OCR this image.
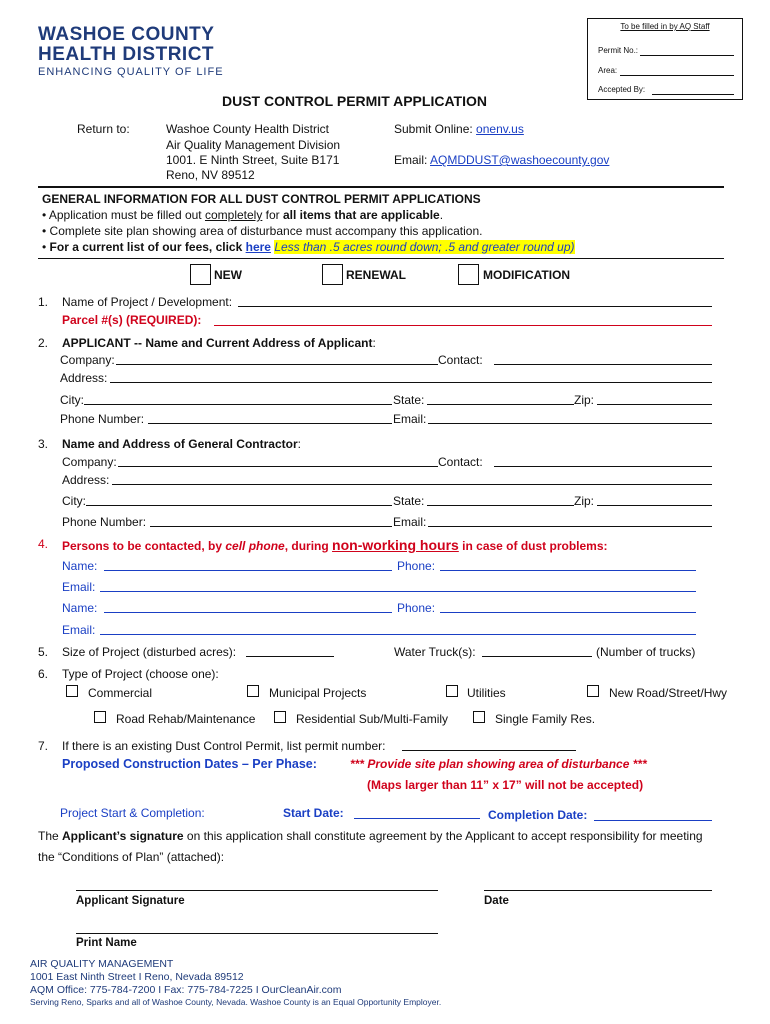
WASHOE COUNTY
HEALTH DISTRICT
ENHANCING QUALITY OF LIFE
To be filled in by AQ Staff
Permit No.:
Area:
Accepted By:
DUST CONTROL PERMIT APPLICATION
Return to:	Washoe County Health District
Air Quality Management Division
1001. E Ninth Street, Suite B171
Reno, NV 89512
Submit Online: onenv.us
Email: AQMDDUST@washoecounty.gov
GENERAL INFORMATION FOR ALL DUST CONTROL PERMIT APPLICATIONS
• Application must be filled out completely for all items that are applicable.
• Complete site plan showing area of disturbance must accompany this application.
• For a current list of our fees, click here Less than .5 acres round down; .5 and greater round up)
NEW	RENEWAL	MODIFICATION
1. Name of Project / Development:
Parcel #(s) (REQUIRED):
2. APPLICANT -- Name and Current Address of Applicant:
Company:	Contact:
Address:
City:	State:	Zip:
Phone Number:	Email:
3. Name and Address of General Contractor:
Company:	Contact:
Address:
City:	State:	Zip:
Phone Number:	Email:
4. Persons to be contacted, by cell phone, during non-working hours in case of dust problems:
Name:	Phone:
Email:
Name:	Phone:
Email:
5. Size of Project (disturbed acres):	Water Truck(s):	(Number of trucks)
6. Type of Project (choose one):
Commercial	Municipal Projects	Utilities	New Road/Street/Hwy
Road Rehab/Maintenance	Residential Sub/Multi-Family	Single Family Res.
7. If there is an existing Dust Control Permit, list permit number:
Proposed Construction Dates – Per Phase:	*** Provide site plan showing area of disturbance ***
(Maps larger than 11” x 17” will not be accepted)
Project Start & Completion:	Start Date:	Completion Date:
The Applicant’s signature on this application shall constitute agreement by the Applicant to accept responsibility for meeting
the “Conditions of Plan” (attached):
Applicant Signature	Date
Print Name
AIR QUALITY MANAGEMENT
1001 East Ninth Street I Reno, Nevada 89512
AQM Office: 775-784-7200 I Fax: 775-784-7225 I OurCleanAir.com
Serving Reno, Sparks and all of Washoe County, Nevada. Washoe County is an Equal Opportunity Employer.
